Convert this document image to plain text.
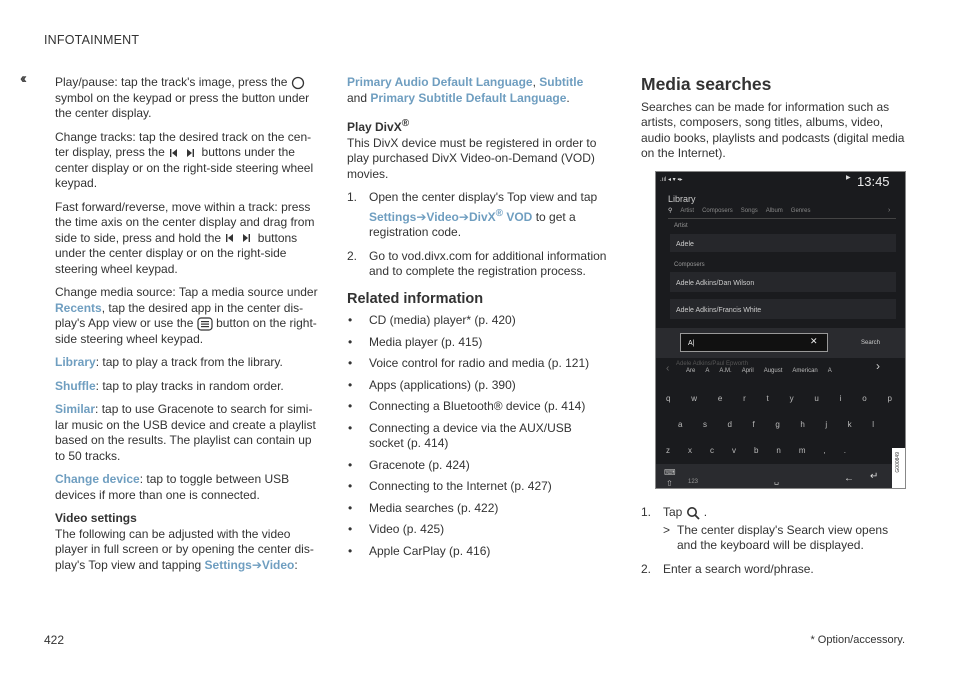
INFOTAINMENT
‹‹	Play/pause: tap the track's image, press the  symbol on the keypad or press the button under the center display.

Change tracks: tap the desired track on the cen-ter display, press the	buttons under the center display or on the right-side steering wheel keypad.

Fast forward/reverse, move within a track: press the time axis on the center display and drag from side to side, press and hold the	buttons under the center display or on the right-side steering wheel keypad.

Change media source: Tap a media source under Recents, tap the desired app in the center dis-play's App view or use the button on the right-side steering wheel keypad.

Library: tap to play a track from the library.

Shuffle: tap to play tracks in random order.

Similar: tap to use Gracenote to search for simi-lar music on the USB device and create a playlist based on the results. The playlist can contain up to 50 tracks.

Change device: tap to toggle between USB devices if more than one is connected.

Video settings

The following can be adjusted with the video player in full screen or by opening the center dis-play's Top view and tapping Settings➔Video:

Primary Audio Default Language, Subtitle
and Primary Subtitle Default Language.

Play DivX®

This DivX device must be registered in order to play purchased DivX Video-on-Demand (VOD) movies.

1. Open the center display's Top view and tap
Settings➔Video➔DivX® VOD to get a registration code.
2. Go to vod.divx.com for additional information and to complete the registration process.
Related information
• CD (media) player* (p. 420)
• Media player (p. 415)
• Voice control for radio and media (p. 121)
• Apps (applications) (p. 390)
• Connecting a Bluetooth® device (p. 414)
• Connecting a device via the AUX/USB socket (p. 414)
• Gracenote (p. 424)
• Connecting to the Internet (p. 427)
• Media searches (p. 422)
• Video (p. 425)
• Apple CarPlay (p. 416)
Media searches

Searches can be made for information such as artists, composers, song titles, albums, video, audio books, playlists and podcasts (digital media on the Internet).

.ııl ◂ ▾ ▪▸	▶ 13:45
Library
⚲ Artist Composers Songs Album Genres	›
Artist
Adele
Composers
Adele Adkins/Dan Wilson
Adele Adkins/Francis White
A|	✕	Search
Adele Adkins/Paul Epworth
‹	Are A A.M. April August American A	›
q	w	e	r	t	y	u	i	o	p
a	s	d	f	g	h	j	k	l
z x c v b n m , .
⌨
⇧	123	␣	← ↵
G000849
1. Tap .
> The center display's Search view opens and the keyboard will be displayed.
2. Enter a search word/phrase.
422	* Option/accessory.
